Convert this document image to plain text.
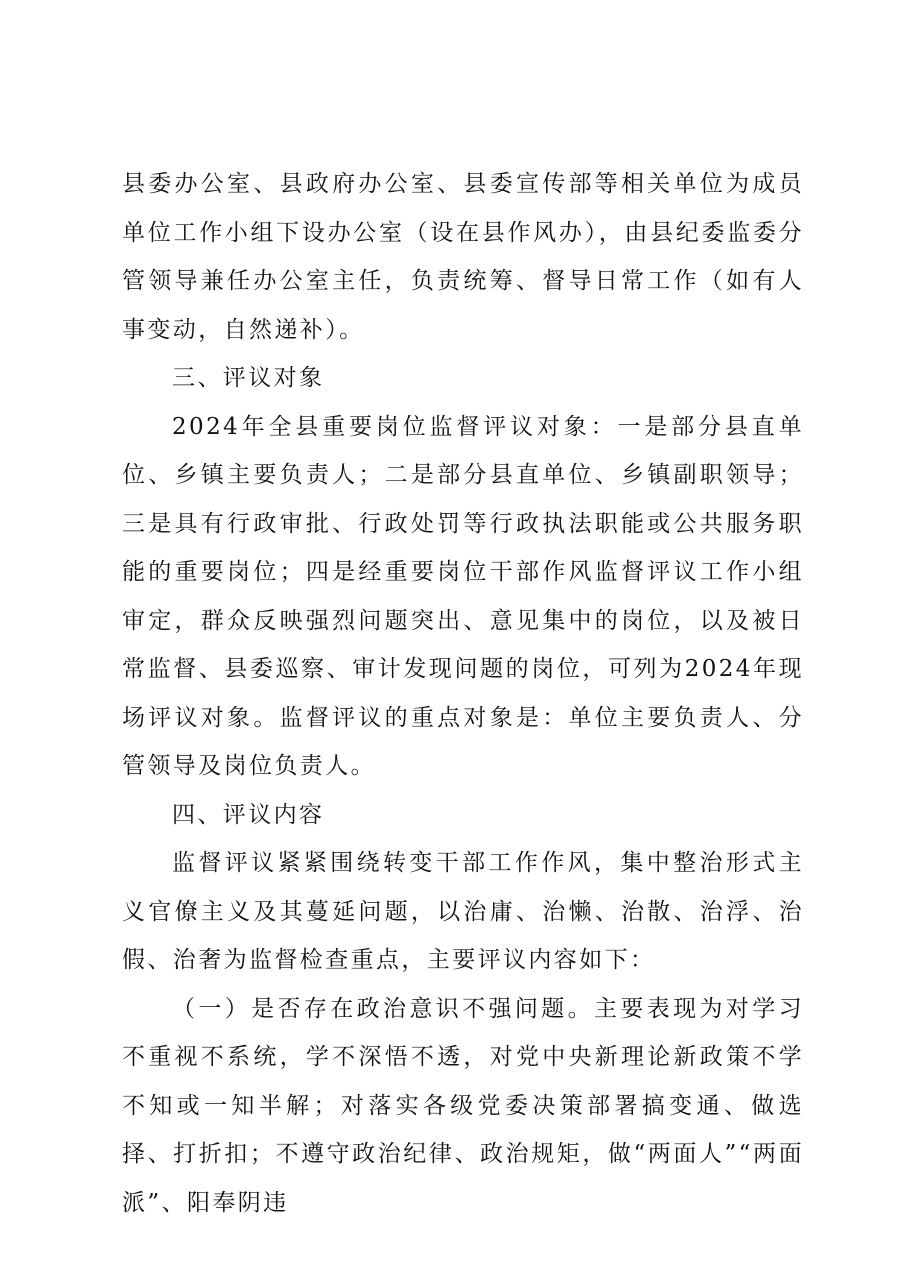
县委办公室、县政府办公室、县委宣传部等相关单位为成员单位工作小组下设办公室（设在县作风办），由县纪委监委分管领导兼任办公室主任，负责统筹、督导日常工作（如有人事变动，自然递补）。

三、评议对象

2024年全县重要岗位监督评议对象：一是部分县直单位、乡镇主要负责人；二是部分县直单位、乡镇副职领导；三是具有行政审批、行政处罚等行政执法职能或公共服务职能的重要岗位；四是经重要岗位干部作风监督评议工作小组审定，群众反映强烈问题突出、意见集中的岗位，以及被日常监督、县委巡察、审计发现问题的岗位，可列为2024年现场评议对象。监督评议的重点对象是：单位主要负责人、分管领导及岗位负责人。

四、评议内容

监督评议紧紧围绕转变干部工作作风，集中整治形式主义官僚主义及其蔓延问题，以治庸、治懒、治散、治浮、治假、治奢为监督检查重点，主要评议内容如下：

（一）是否存在政治意识不强问题。主要表现为对学习不重视不系统，学不深悟不透，对党中央新理论新政策不学不知或一知半解；对落实各级党委决策部署搞变通、做选择、打折扣；不遵守政治纪律、政治规矩，做“两面人”“两面派”、阳奉阴违
